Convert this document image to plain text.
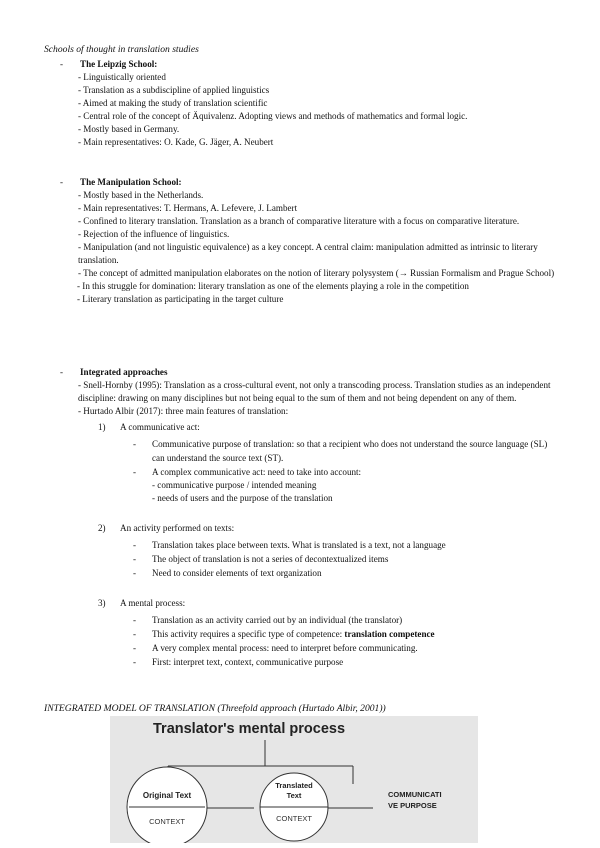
Schools of thought in translation studies
- The Leipzig School:
- Linguistically oriented
- Translation as a subdiscipline of applied linguistics
- Aimed at making the study of translation scientific
- Central role of the concept of Äquivalenz. Adopting views and methods of mathematics and formal logic.
- Mostly based in Germany.
- Main representatives: O. Kade, G. Jäger, A. Neubert
- The Manipulation School:
- Mostly based in the Netherlands.
- Main representatives: T. Hermans, A. Lefevere, J. Lambert
- Confined to literary translation. Translation as a branch of comparative literature with a focus on comparative literature.
- Rejection of the influence of linguistics.
- Manipulation (and not linguistic equivalence) as a key concept. A central claim: manipulation admitted as intrinsic to literary translation.
- The concept of admitted manipulation elaborates on the notion of literary polysystem (→ Russian Formalism and Prague School)
- In this struggle for domination: literary translation as one of the elements playing a role in the competition
- Literary translation as participating in the target culture
- Integrated approaches
- Snell-Hornby (1995): Translation as a cross-cultural event, not only a transcoding process. Translation studies as an independent discipline: drawing on many disciplines but not being equal to the sum of them and not being dependent on any of them.
- Hurtado Albir (2017): three main features of translation:
1) A communicative act:
- Communicative purpose of translation: so that a recipient who does not understand the source language (SL) can understand the source text (ST).
- A complex communicative act: need to take into account:
- communicative purpose / intended meaning
- needs of users and the purpose of the translation
2) An activity performed on texts:
- Translation takes place between texts. What is translated is a text, not a language
- The object of translation is not a series of decontextualized items
- Need to consider elements of text organization
3) A mental process:
- Translation as an activity carried out by an individual (the translator)
- This activity requires a specific type of competence: translation competence
- A very complex mental process: need to interpret before communicating.
- First: interpret text, context, communicative purpose
INTEGRATED MODEL OF TRANSLATION (Threefold approach (Hurtado Albir, 2001))
Translator's mental process
Original Text
CONTEXT
Translated
Text
CONTEXT
COMMUNICATI
VE PURPOSE
